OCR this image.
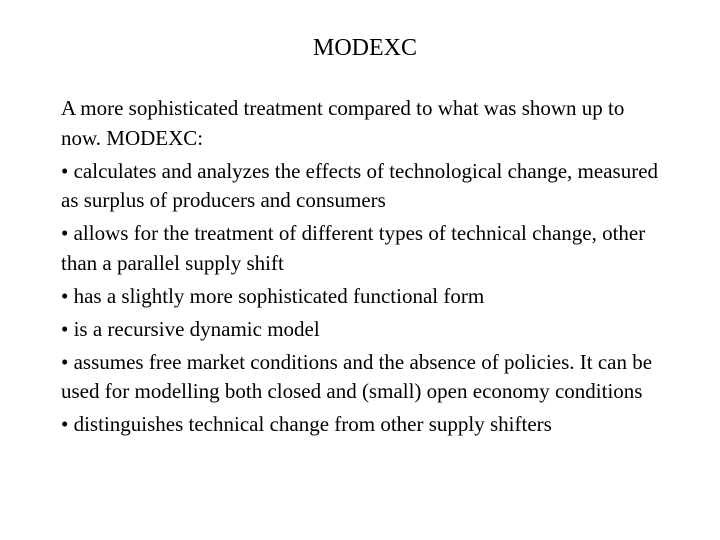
MODEXC

A more sophisticated treatment compared to what was shown up to now. MODEXC:

• calculates and analyzes the effects of technological change, measured as surplus of producers and consumers

• allows for the treatment of different types of technical change, other than a parallel supply shift

• has a slightly more sophisticated functional form

• is a recursive dynamic model

• assumes free market conditions and the absence of policies. It can be used for modelling both closed and (small) open economy conditions

• distinguishes technical change from other supply shifters
